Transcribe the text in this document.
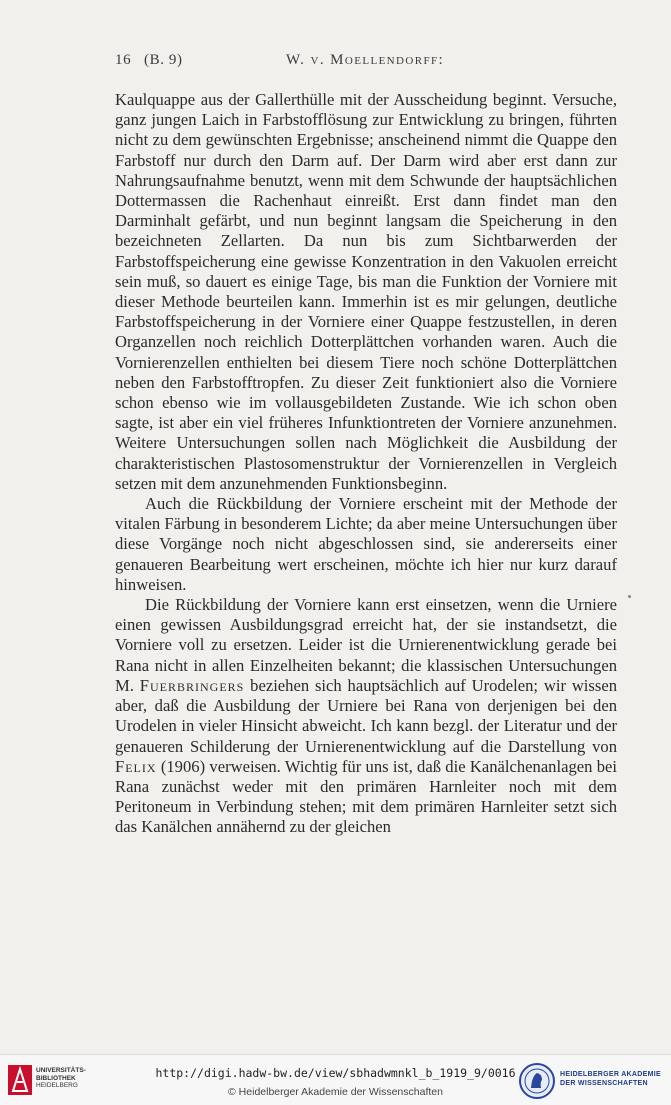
16 (B. 9)	W. v. Moellendorff:

Kaulquappe aus der Gallerthülle mit der Ausscheidung beginnt. Versuche, ganz jungen Laich in Farbstofflösung zur Entwicklung zu bringen, führten nicht zu dem gewünschten Ergebnisse; anscheinend nimmt die Quappe den Farbstoff nur durch den Darm auf. Der Darm wird aber erst dann zur Nahrungsaufnahme benutzt, wenn mit dem Schwunde der hauptsächlichen Dottermassen die Rachenhaut einreißt. Erst dann findet man den Darminhalt gefärbt, und nun beginnt langsam die Speicherung in den bezeichneten Zellarten. Da nun bis zum Sichtbarwerden der Farbstoffspeicherung eine gewisse Konzentration in den Vakuolen erreicht sein muß, so dauert es einige Tage, bis man die Funktion der Vorniere mit dieser Methode beurteilen kann. Immerhin ist es mir gelungen, deutliche Farbstoffspeicherung in der Vorniere einer Quappe festzustellen, in deren Organzellen noch reichlich Dotterplättchen vorhanden waren. Auch die Vornierenzellen enthielten bei diesem Tiere noch schöne Dotterplättchen neben den Farbstofftropfen. Zu dieser Zeit funktioniert also die Vorniere schon ebenso wie im vollausgebildeten Zustande. Wie ich schon oben sagte, ist aber ein viel früheres Infunktiontreten der Vorniere anzunehmen. Weitere Untersuchungen sollen nach Möglichkeit die Ausbildung der charakteristischen Plastosomenstruktur der Vornierenzellen in Vergleich setzen mit dem anzunehmenden Funktionsbeginn.

Auch die Rückbildung der Vorniere erscheint mit der Methode der vitalen Färbung in besonderem Lichte; da aber meine Untersuchungen über diese Vorgänge noch nicht abgeschlossen sind, sie andererseits einer genaueren Bearbeitung wert erscheinen, möchte ich hier nur kurz darauf hinweisen.

Die Rückbildung der Vorniere kann erst einsetzen, wenn die Urniere einen gewissen Ausbildungsgrad erreicht hat, der sie instandsetzt, die Vorniere voll zu ersetzen. Leider ist die Urnierenentwicklung gerade bei Rana nicht in allen Einzelheiten bekannt; die klassischen Untersuchungen M. Fuerbringers beziehen sich hauptsächlich auf Urodelen; wir wissen aber, daß die Ausbildung der Urniere bei Rana von derjenigen bei den Urodelen in vieler Hinsicht abweicht. Ich kann bezgl. der Literatur und der genaueren Schilderung der Urnierenentwicklung auf die Darstellung von Felix (1906) verweisen. Wichtig für uns ist, daß die Kanälchenanlagen bei Rana zunächst weder mit den primären Harnleiter noch mit dem Peritoneum in Verbindung stehen; mit dem primären Harnleiter setzt sich das Kanälchen annähernd zu der gleichen

UNIVERSITÄTS-
BIBLIOTHEK
HEIDELBERG
http://digi.hadw-bw.de/view/sbhadwmnkl_b_1919_9/0016
© Heidelberger Akademie der Wissenschaften
HEIDELBERGER AKADEMIE
DER WISSENSCHAFTEN
